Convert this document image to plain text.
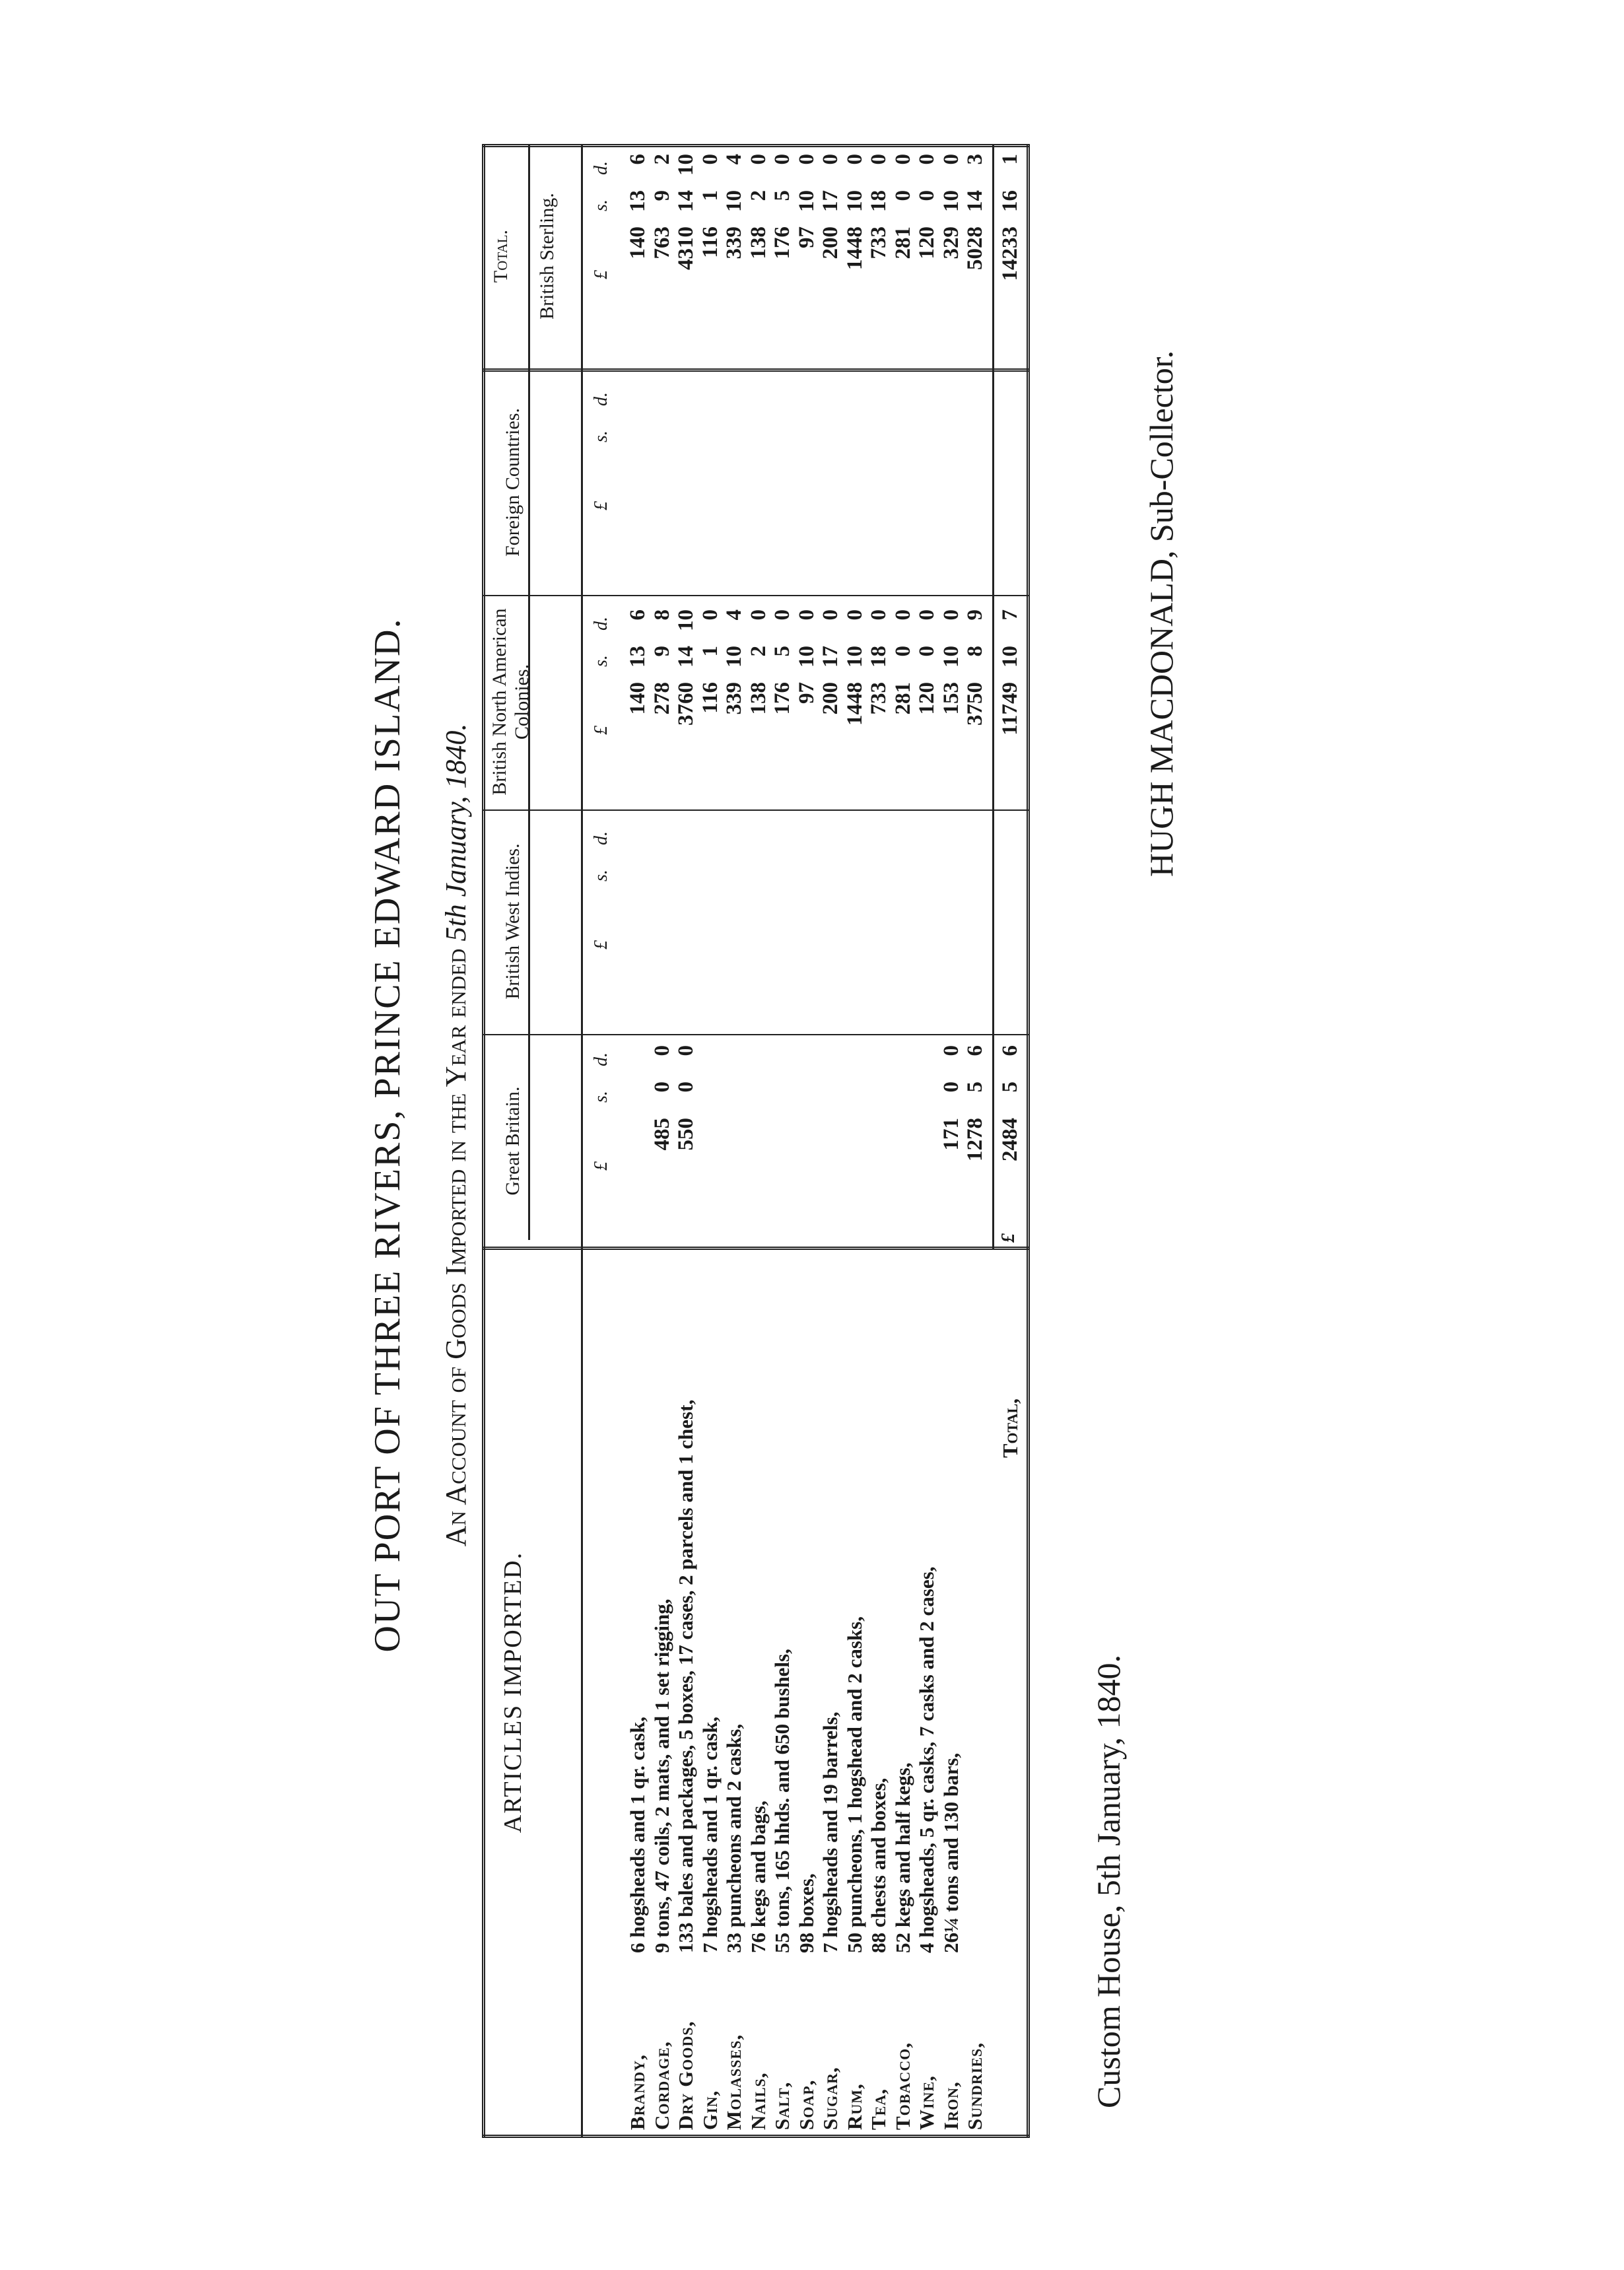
OUT PORT OF THREE RIVERS, PRINCE EDWARD ISLAND. An Account of Goods Imported in the Year ended 5th January, 1840.
ARTICLES IMPORTED.
Great Britain.
British West Indies.
British North American Colonies.
Foreign Countries.
Total. British Sterling.
£
s.
d.
£
s.
d.
£
s.
d.
£
s.
d.
£
s.
d.
Brandy,
6 hogsheads and 1 qr. cask,
140
13
6
140
13
6
Cordage,
9 tons, 47 coils, 2 mats, and 1 set rigging,
485
0
0
278
9
8
763
9
2
Dry Goods,
133 bales and packages, 5 boxes, 17 cases, 2 parcels and 1 chest,
550
0
0
3760
14
10
4310
14
10
Gin,
7 hogsheads and 1 qr. cask,
116
1
0
116
1
0
Molasses,
33 puncheons and 2 casks,
339
10
4
339
10
4
Nails,
76 kegs and bags,
138
2
0
138
2
0
Salt,
55 tons, 165 hhds. and 650 bushels,
176
5
0
176
5
0
Soap,
98 boxes,
97
10
0
97
10
0
Sugar,
7 hogsheads and 19 barrels,
200
17
0
200
17
0
Rum,
50 puncheons, 1 hogshead and 2 casks,
1448
10
0
1448
10
0
Tea,
88 chests and boxes,
733
18
0
733
18
0
Tobacco,
52 kegs and half kegs,
281
0
0
281
0
0
Wine,
4 hogsheads, 5 qr. casks, 7 casks and 2 cases,
120
0
0
120
0
0
Iron,
26¼ tons and 130 bars,
171
0
0
153
10
0
329
10
0
Sundries,
1278
5
6
3750
8
9
5028
14
3
Total,
£
2484
5
6
11749
10
7
14233
16
1
Custom House, 5th January, 1840.
HUGH MACDONALD, Sub-Collector.
